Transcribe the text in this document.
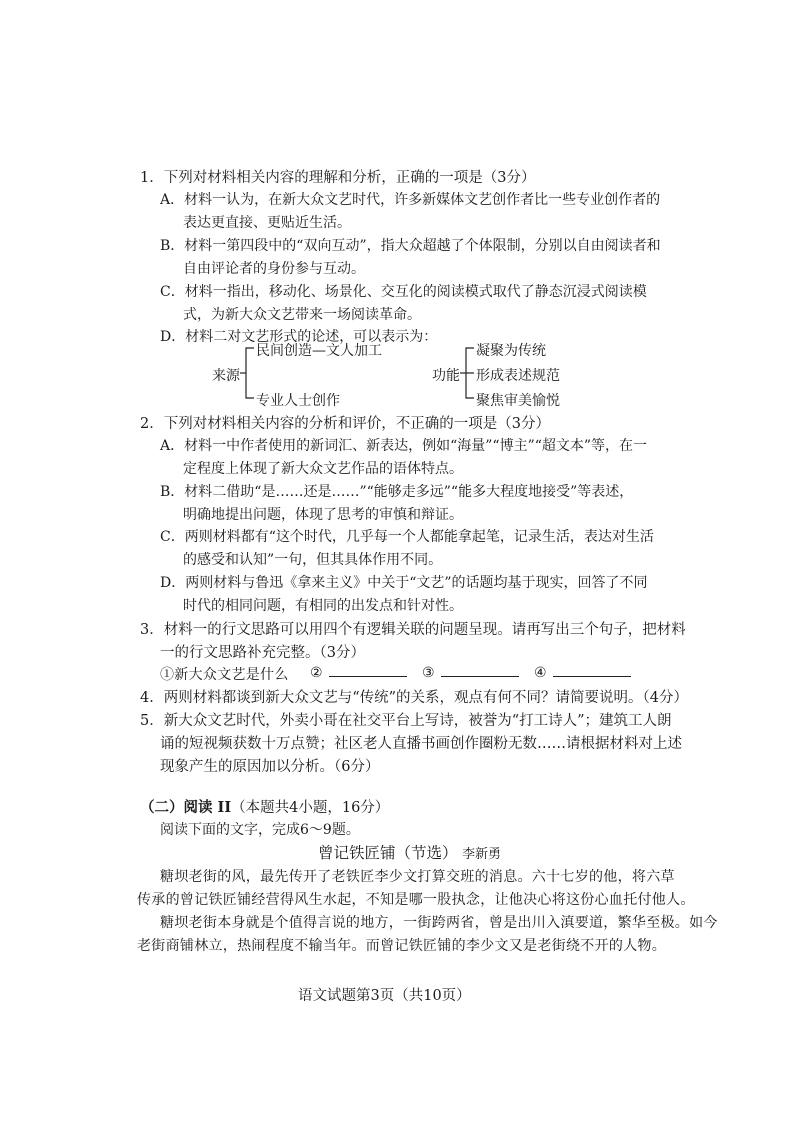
1．下列对材料相关内容的理解和分析，正确的一项是（3分）
A．材料一认为，在新大众文艺时代，许多新媒体文艺创作者比一些专业创作者的
表达更直接、更贴近生活。
B．材料一第四段中的“双向互动”，指大众超越了个体限制，分别以自由阅读者和
自由评论者的身份参与互动。
C．材料一指出，移动化、场景化、交互化的阅读模式取代了静态沉浸式阅读模
式，为新大众文艺带来一场阅读革命。
D．材料二对文艺形式的论述，可以表示为：
来源
民间创造—文人加工
专业人士创作
功能
凝聚为传统
形成表述规范
聚焦审美愉悦
2．下列对材料相关内容的分析和评价，不正确的一项是（3分）
A．材料一中作者使用的新词汇、新表达，例如“海量”“博主”“超文本”等，在一
定程度上体现了新大众文艺作品的语体特点。
B．材料二借助“是……还是……”“能够走多远”“能多大程度地接受”等表述，
明确地提出问题，体现了思考的审慎和辩证。
C．两则材料都有“这个时代，几乎每一个人都能拿起笔，记录生活，表达对生活
的感受和认知”一句，但其具体作用不同。
D．两则材料与鲁迅《拿来主义》中关于“文艺”的话题均基于现实，回答了不同
时代的相同问题，有相同的出发点和针对性。
3．材料一的行文思路可以用四个有逻辑关联的问题呈现。请再写出三个句子，把材料
一的行文思路补充完整。（3分）
①新大众文艺是什么 ②	③	④
4．两则材料都谈到新大众文艺与“传统”的关系，观点有何不同？请简要说明。（4分）
5．新大众文艺时代，外卖小哥在社交平台上写诗，被誉为“打工诗人”；建筑工人朗
诵的短视频获数十万点赞；社区老人直播书画创作圈粉无数……请根据材料对上述
现象产生的原因加以分析。（6分）
（二）阅读 II（本题共4小题，16分）
阅读下面的文字，完成6～9题。
曾记铁匠铺（节选） 李新勇
糖坝老街的风，最先传开了老铁匠李少文打算交班的消息。六十七岁的他，将六草
传承的曾记铁匠铺经营得风生水起，不知是哪一股执念，让他决心将这份心血托付他人。
糖坝老街本身就是个值得言说的地方，一街跨两省，曾是出川入滇要道，繁华至极。如今
老街商铺林立，热闹程度不输当年。而曾记铁匠铺的李少文又是老街绕不开的人物。
语文试题第3页（共10页）
